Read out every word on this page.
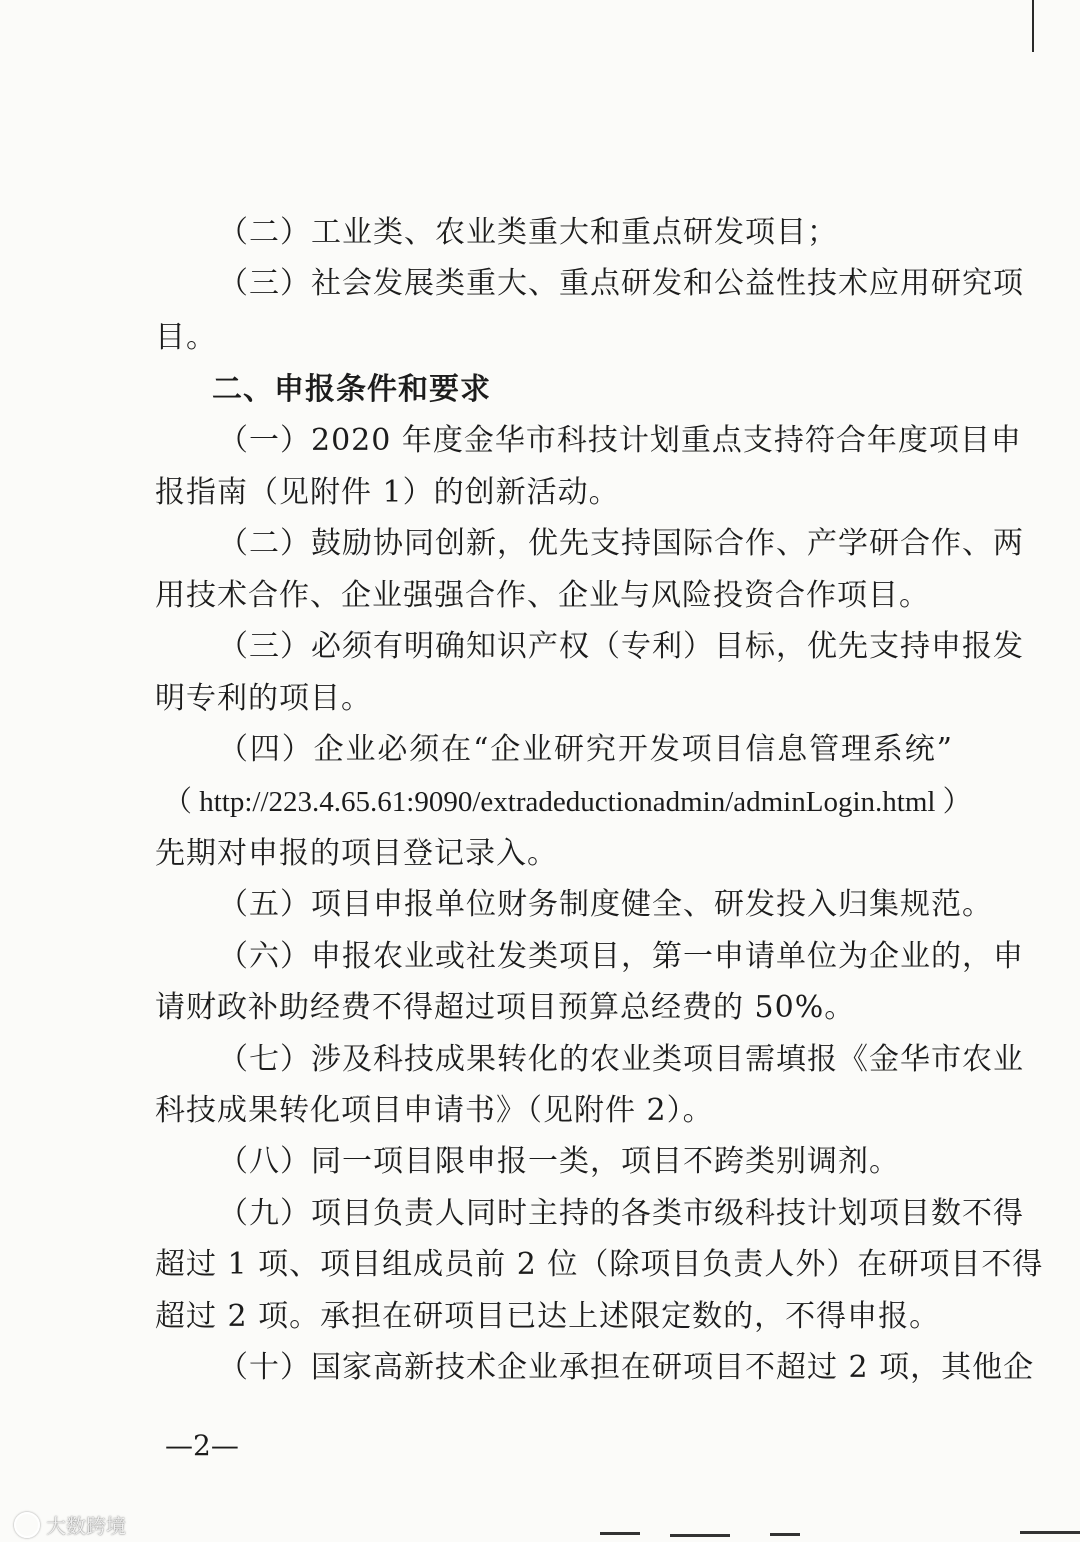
（二）工业类、农业类重大和重点研发项目；
（三）社会发展类重大、重点研发和公益性技术应用研究项
目。
二、申报条件和要求
（一）2020 年度金华市科技计划重点支持符合年度项目申
报指南（见附件 1）的创新活动。
（二）鼓励协同创新，优先支持国际合作、产学研合作、两
用技术合作、企业强强合作、企业与风险投资合作项目。
（三）必须有明确知识产权（专利）目标，优先支持申报发
明专利的项目。
（四）企业必须在“企业研究开发项目信息管理系统”
（ http://223.4.65.61:9090/extradeductionadmin/adminLogin.html ）
先期对申报的项目登记录入。
（五）项目申报单位财务制度健全、研发投入归集规范。
（六）申报农业或社发类项目，第一申请单位为企业的，申
请财政补助经费不得超过项目预算总经费的 50%。
（七）涉及科技成果转化的农业类项目需填报《金华市农业
科技成果转化项目申请书》（见附件 2）。
（八）同一项目限申报一类，项目不跨类别调剂。
（九）项目负责人同时主持的各类市级科技计划项目数不得
超过 1 项、项目组成员前 2 位（除项目负责人外）在研项目不得
超过 2 项。承担在研项目已达上述限定数的，不得申报。
（十）国家高新技术企业承担在研项目不超过 2 项，其他企
—2—
大数跨境
